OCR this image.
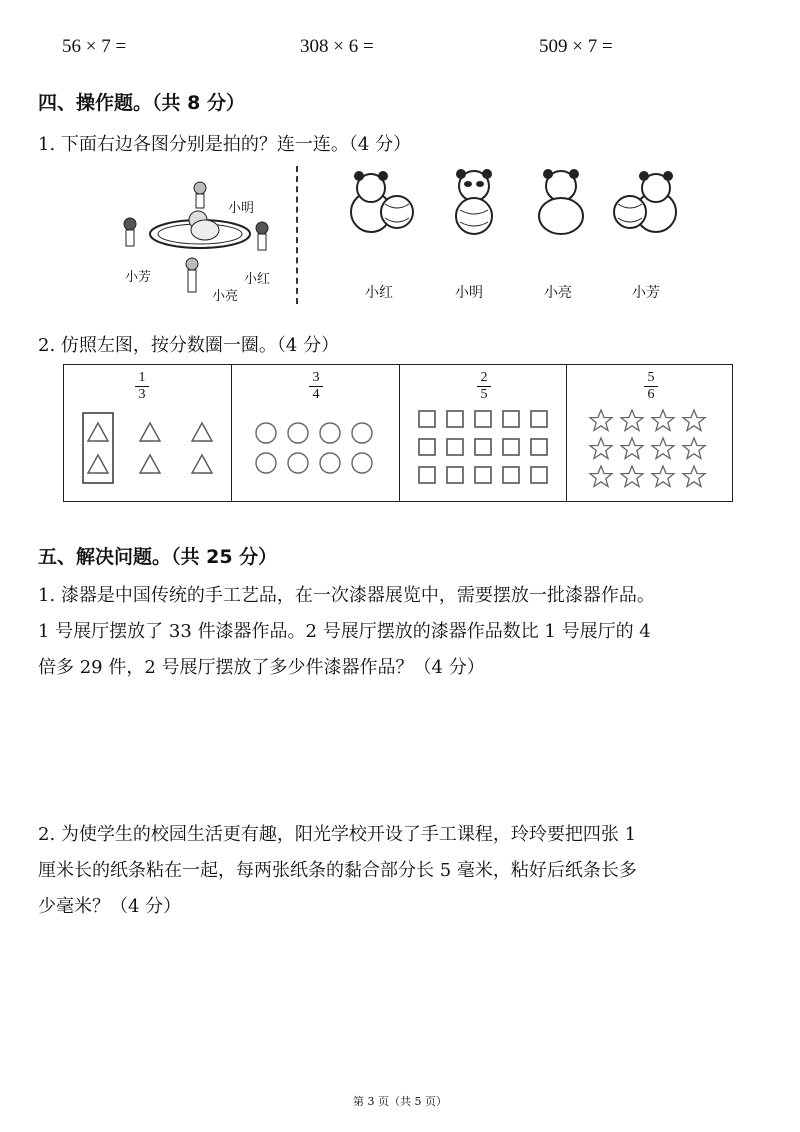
56 × 7 =	308 × 6 =	509 × 7 =
四、操作题。（共 8 分）
1. 下面右边各图分别是拍的？连一连。（4 分）
小明
小芳	小红
小亮	小红	小明	小亮	小芳
2. 仿照左图，按分数圈一圈。（4 分）
1
3
3
4
2
5
5
6
五、解决问题。（共 25 分）
1. 漆器是中国传统的手工艺品，在一次漆器展览中，需要摆放一批漆器作品。
1 号展厅摆放了 33 件漆器作品。2 号展厅摆放的漆器作品数比 1 号展厅的 4
倍多 29 件，2 号展厅摆放了多少件漆器作品？（4 分）
2. 为使学生的校园生活更有趣，阳光学校开设了手工课程，玲玲要把四张 1
厘米长的纸条粘在一起，每两张纸条的黏合部分长 5 毫米，粘好后纸条长多
少毫米？（4 分）
第 3 页（共 5 页）
